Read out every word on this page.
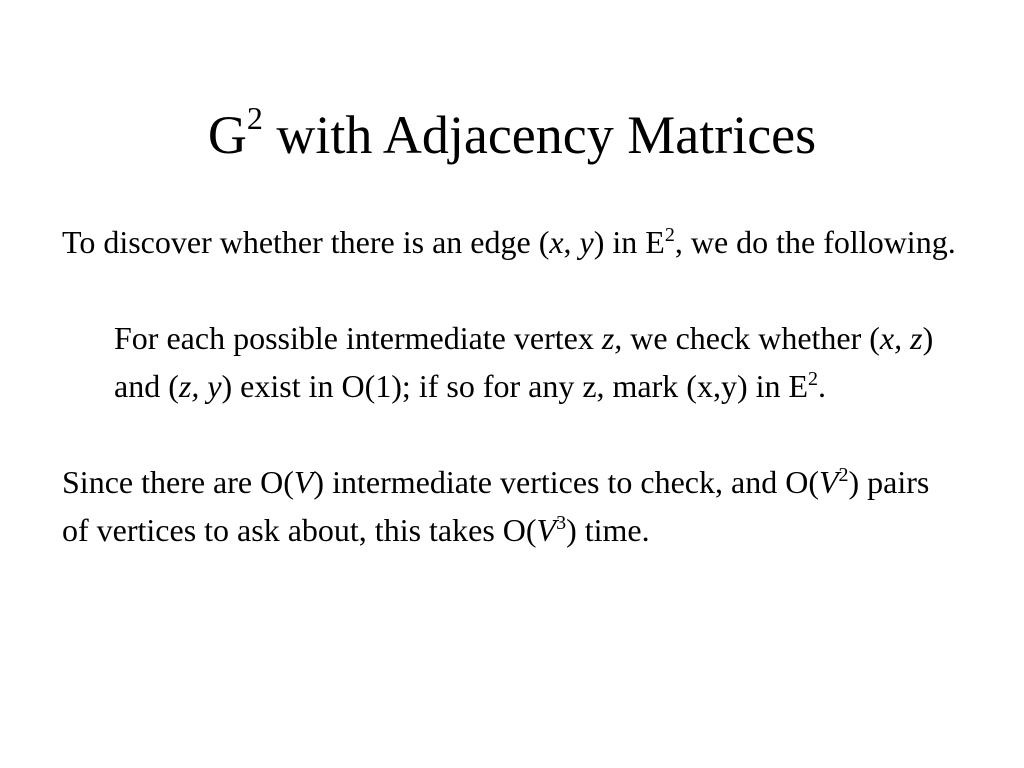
$G^2$ with Adjacency Matrices

To discover whether there is an edge (x, y) in $E^2$, we do the following.

For each possible intermediate vertex z, we check whether (x, z) and (z, y) exist in O(1); if so for any z, mark (x,y) in $E^2$.

Since there are O(V) intermediate vertices to check, and $O(V^2)$ pairs of vertices to ask about, this takes $O(V^3)$ time.
